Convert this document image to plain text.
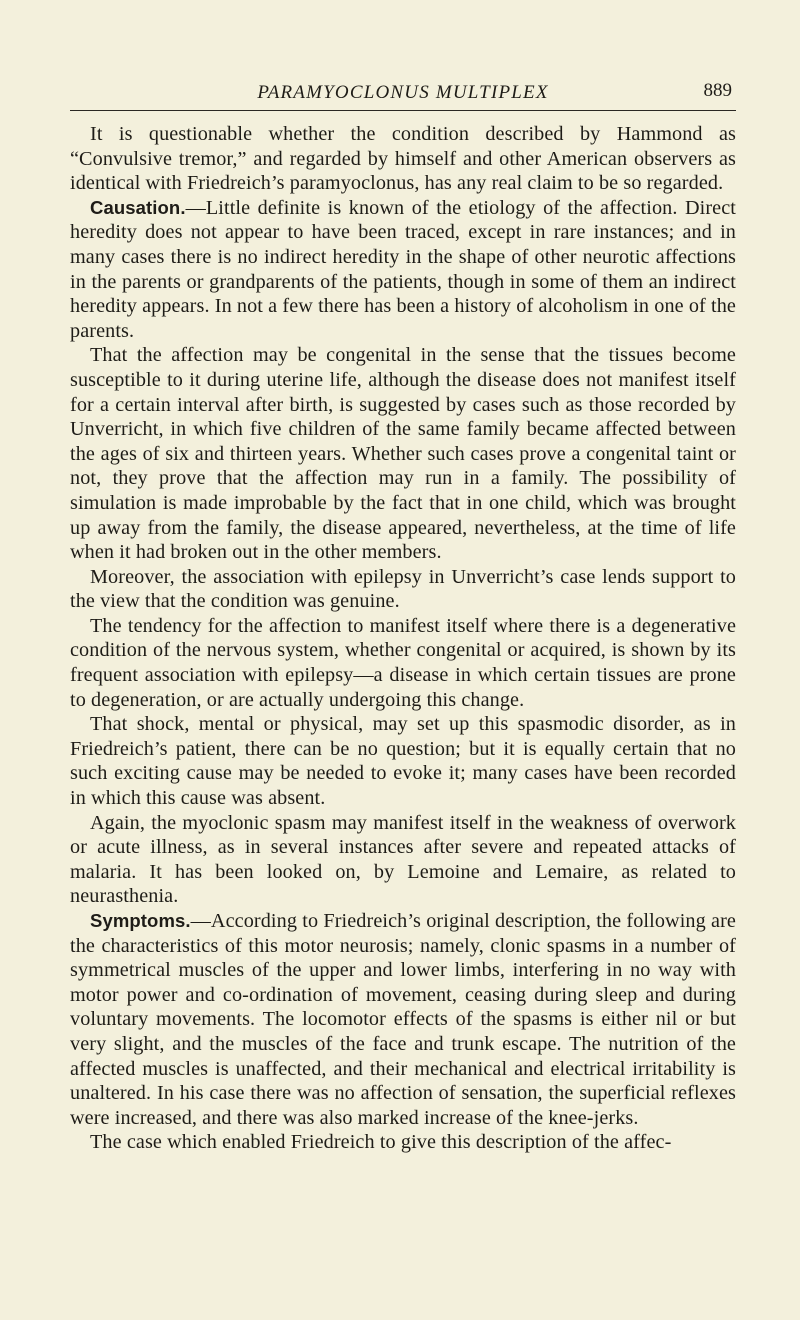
PARAMYOCLONUS MULTIPLEX	889

It is questionable whether the condition described by Hammond as “Convulsive tremor,” and regarded by himself and other American observers as identical with Friedreich’s paramyoclonus, has any real claim to be so regarded.

Causation.—Little definite is known of the etiology of the affection. Direct heredity does not appear to have been traced, except in rare instances; and in many cases there is no indirect heredity in the shape of other neurotic affections in the parents or grandparents of the patients, though in some of them an indirect heredity appears. In not a few there has been a history of alcoholism in one of the parents.

That the affection may be congenital in the sense that the tissues become susceptible to it during uterine life, although the disease does not manifest itself for a certain interval after birth, is suggested by cases such as those recorded by Unverricht, in which five children of the same family became affected between the ages of six and thirteen years. Whether such cases prove a congenital taint or not, they prove that the affection may run in a family. The possibility of simulation is made improbable by the fact that in one child, which was brought up away from the family, the disease appeared, nevertheless, at the time of life when it had broken out in the other members.

Moreover, the association with epilepsy in Unverricht’s case lends support to the view that the condition was genuine.

The tendency for the affection to manifest itself where there is a degenerative condition of the nervous system, whether congenital or acquired, is shown by its frequent association with epilepsy—a disease in which certain tissues are prone to degeneration, or are actually undergoing this change.

That shock, mental or physical, may set up this spasmodic disorder, as in Friedreich’s patient, there can be no question; but it is equally certain that no such exciting cause may be needed to evoke it; many cases have been recorded in which this cause was absent.

Again, the myoclonic spasm may manifest itself in the weakness of overwork or acute illness, as in several instances after severe and repeated attacks of malaria. It has been looked on, by Lemoine and Lemaire, as related to neurasthenia.

Symptoms.—According to Friedreich’s original description, the following are the characteristics of this motor neurosis; namely, clonic spasms in a number of symmetrical muscles of the upper and lower limbs, interfering in no way with motor power and co-ordination of movement, ceasing during sleep and during voluntary movements. The locomotor effects of the spasms is either nil or but very slight, and the muscles of the face and trunk escape. The nutrition of the affected muscles is unaffected, and their mechanical and electrical irritability is unaltered. In his case there was no affection of sensation, the superficial reflexes were increased, and there was also marked increase of the knee-jerks.

The case which enabled Friedreich to give this description of the affec-
